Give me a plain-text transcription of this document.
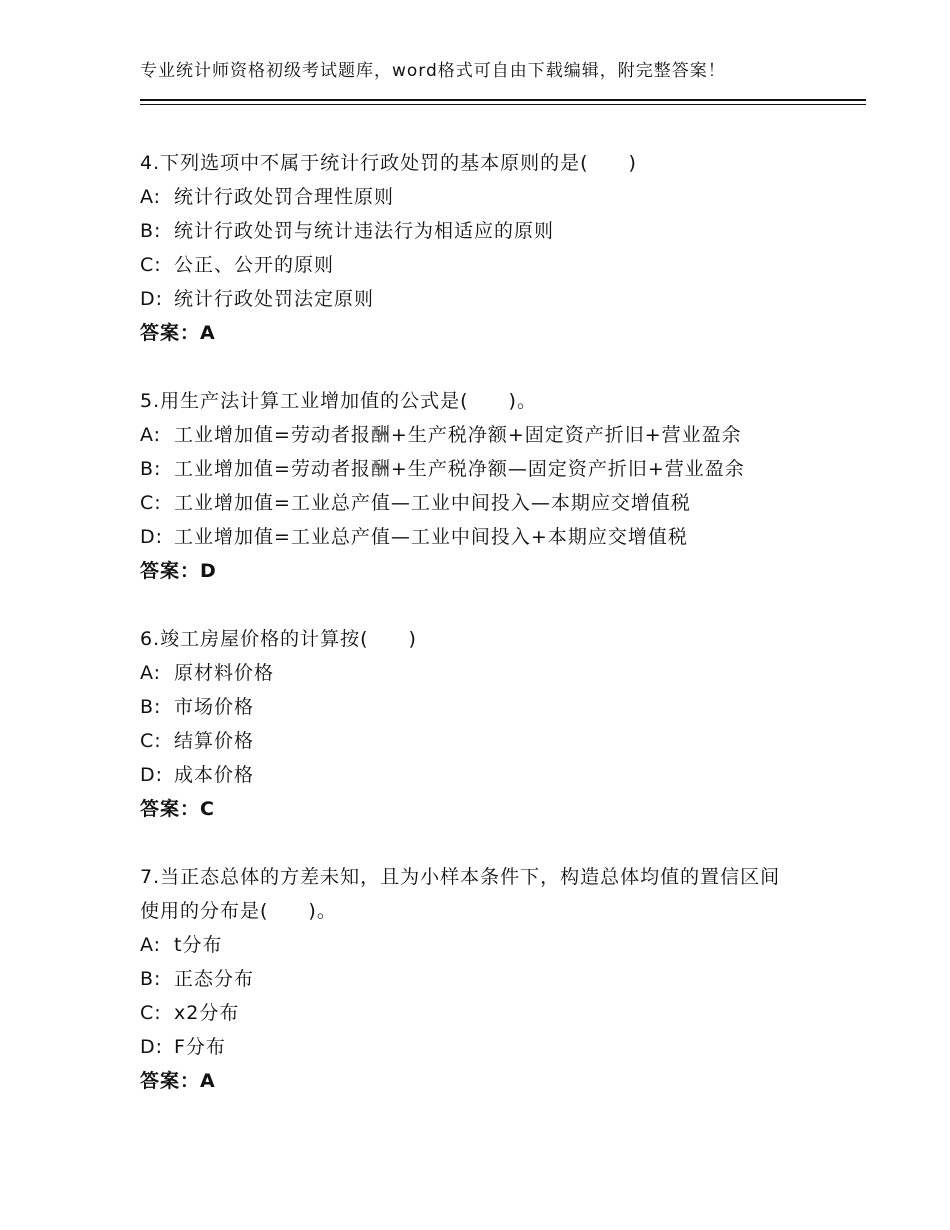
专业统计师资格初级考试题库，word格式可自由下载编辑，附完整答案！
4.下列选项中不属于统计行政处罚的基本原则的是(　　)
A: 统计行政处罚合理性原则
B: 统计行政处罚与统计违法行为相适应的原则
C: 公正、公开的原则
D: 统计行政处罚法定原则
答案：A
5.用生产法计算工业增加值的公式是(　　)。
A: 工业增加值=劳动者报酬+生产税净额+固定资产折旧+营业盈余
B: 工业增加值=劳动者报酬+生产税净额—固定资产折旧+营业盈余
C: 工业增加值=工业总产值—工业中间投入—本期应交增值税
D: 工业增加值=工业总产值—工业中间投入+本期应交增值税
答案：D
6.竣工房屋价格的计算按(　　)
A: 原材料价格
B: 市场价格
C: 结算价格
D: 成本价格
答案：C
7.当正态总体的方差未知，且为小样本条件下，构造总体均值的置信区间使用的分布是(　　)。
A: t分布
B: 正态分布
C: x2分布
D: F分布
答案：A
